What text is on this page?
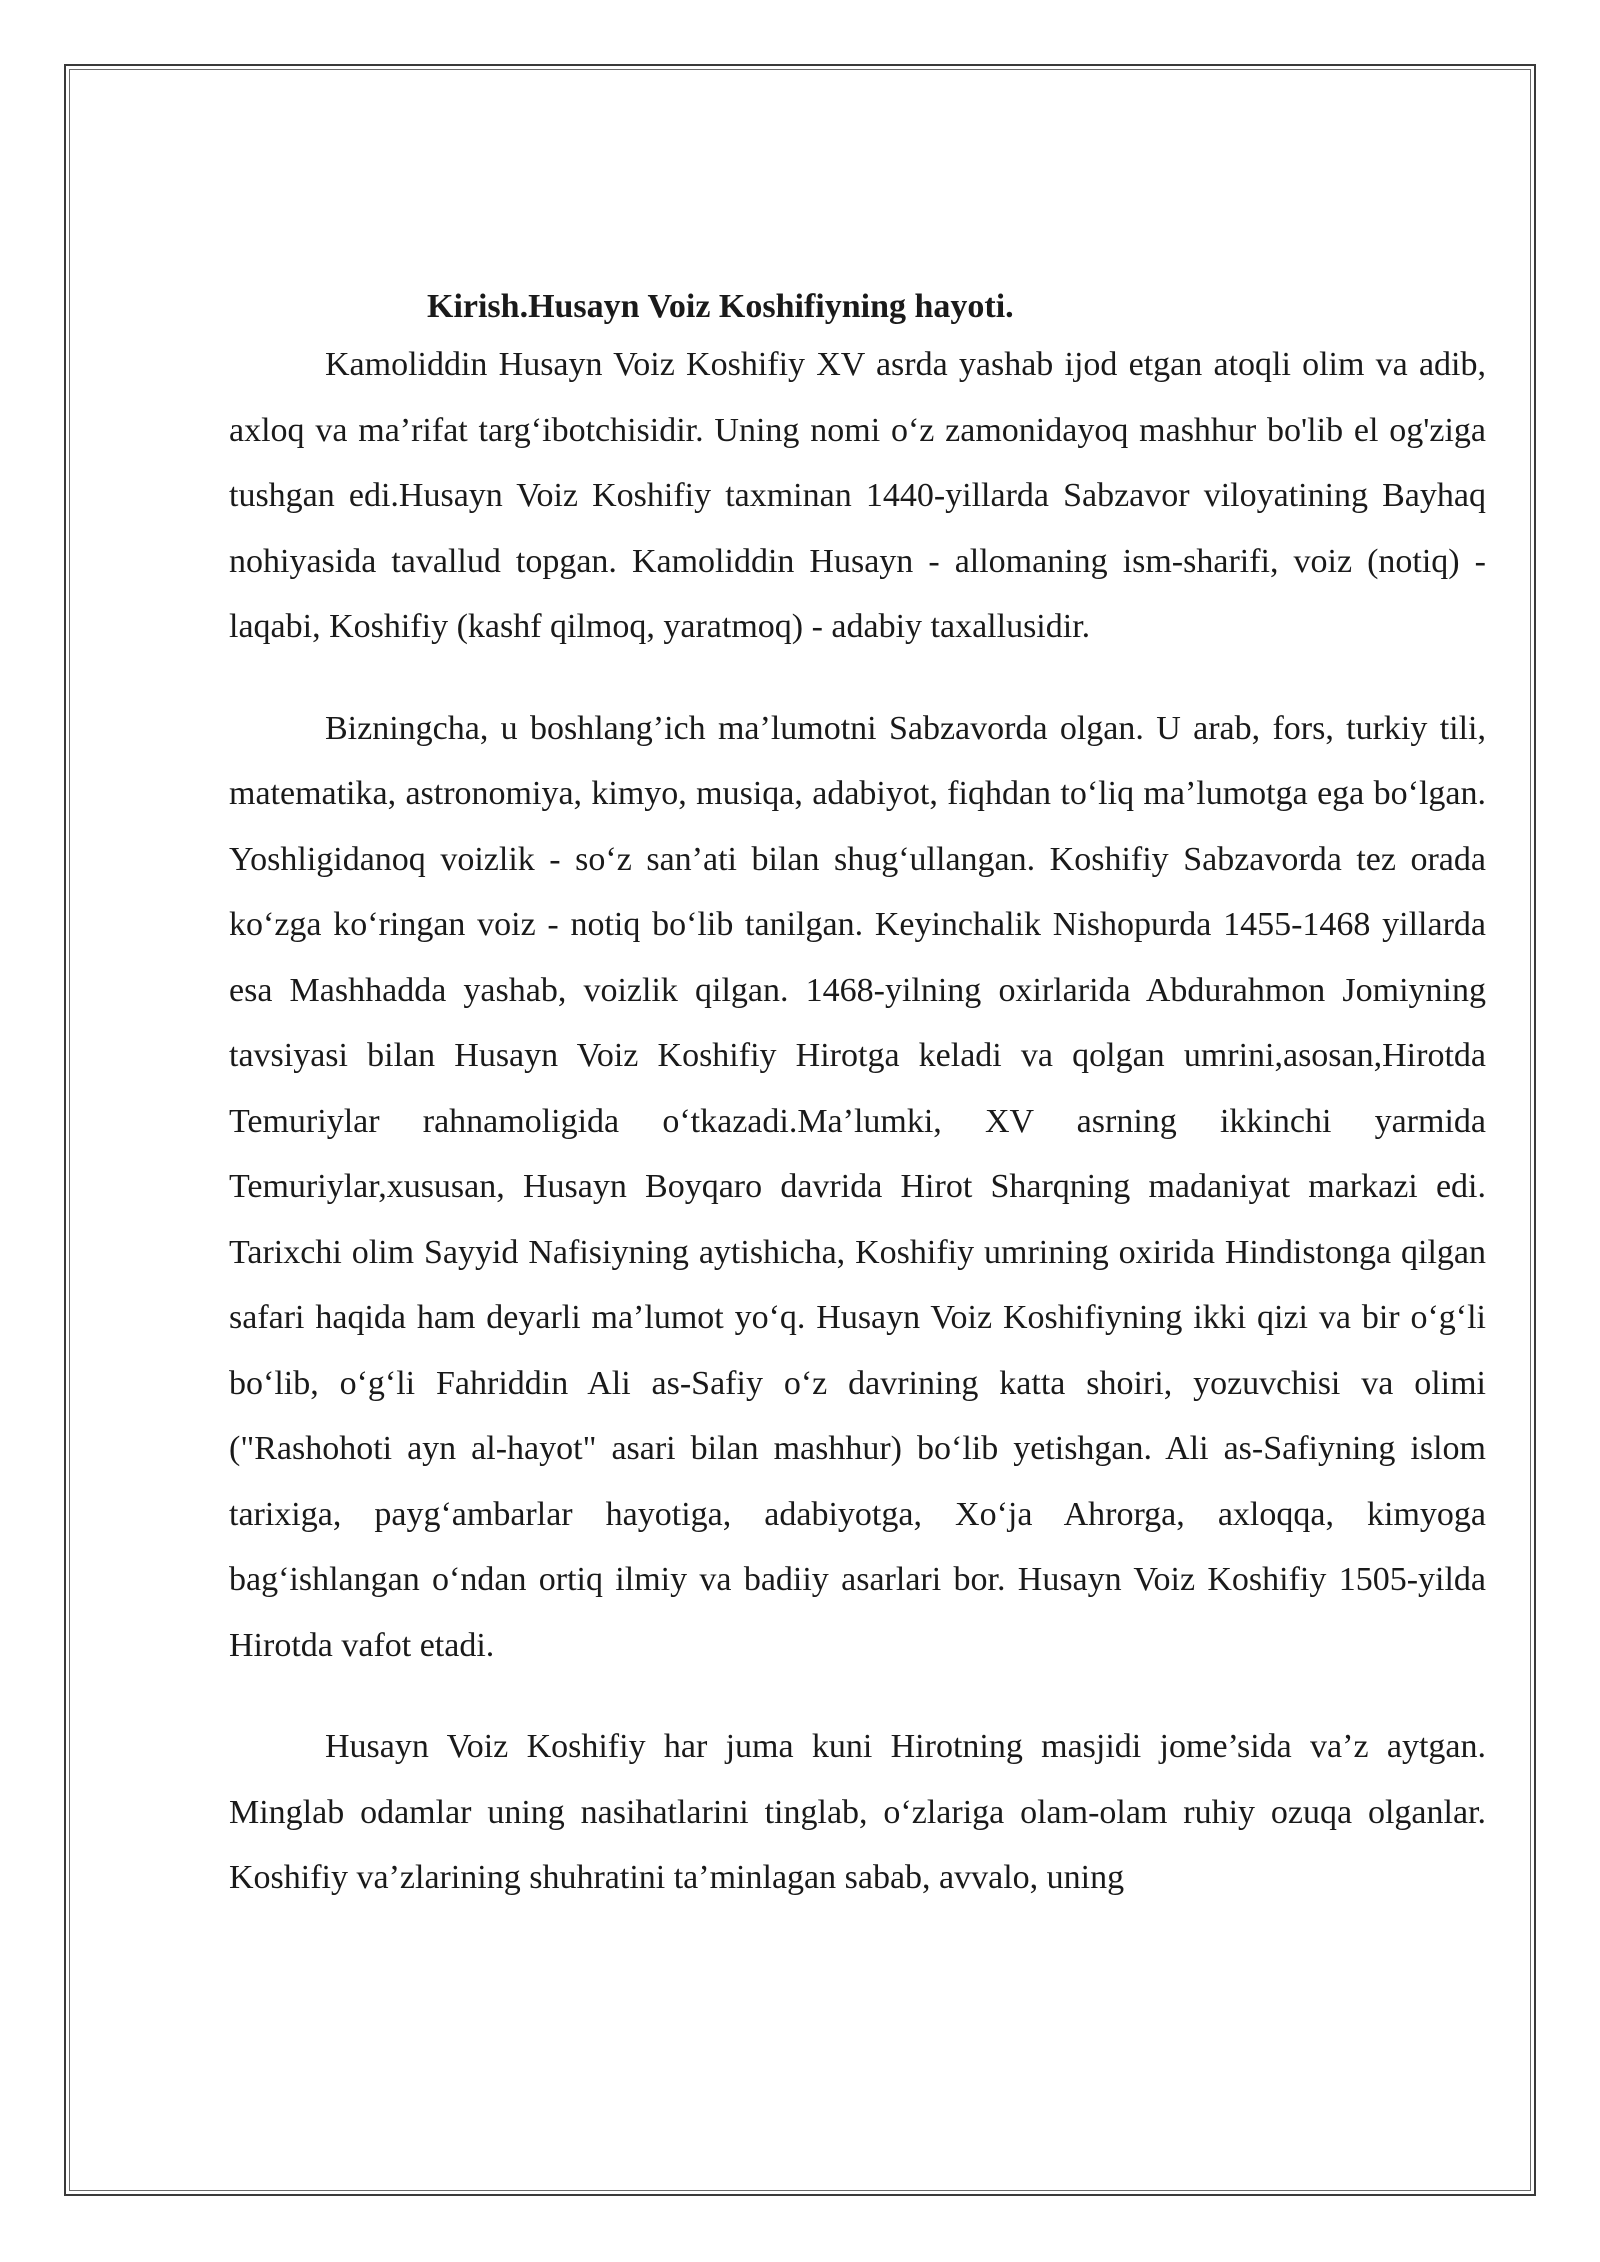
Kirish.Husayn Voiz Koshifiyning hayoti.

Kamoliddin Husayn Voiz Koshifiy XV asrda yashab ijod etgan atoqli olim va adib, axloq va ma’rifat targ‘ibotchisidir. Uning nomi o‘z zamonidayoq mashhur bo'lib el og'ziga tushgan edi.Husayn Voiz Koshifiy taxminan 1440-yillarda Sabzavor viloyatining Bayhaq nohiyasida tavallud topgan. Kamoliddin Husayn - allomaning ism-sharifi, voiz (notiq) - laqabi, Koshifiy (kashf qilmoq, yaratmoq) - adabiy taxallusidir.

Bizningcha, u boshlang’ich ma’lumotni Sabzavorda olgan. U arab, fors, turkiy tili, matematika, astronomiya, kimyo, musiqa, adabiyot, fiqhdan to‘liq ma’lumotga ega bo‘lgan. Yoshligidanoq voizlik - so‘z san’ati bilan shug‘ullangan. Koshifiy Sabzavorda tez orada ko‘zga ko‘ringan voiz - notiq bo‘lib tanilgan. Keyinchalik Nishopurda 1455-1468 yillarda esa Mashhadda yashab, voizlik qilgan. 1468-yilning oxirlarida Abdurahmon Jomiyning tavsiyasi bilan Husayn Voiz Koshifiy Hirotga keladi va qolgan umrini,asosan,Hirotda Temuriylar rahnamoligida o‘tkazadi.Ma’lumki, XV asrning ikkinchi yarmida Temuriylar,xususan, Husayn Boyqaro davrida Hirot Sharqning madaniyat markazi edi. Tarixchi olim Sayyid Nafisiyning aytishicha, Koshifiy umrining oxirida Hindistonga qilgan safari haqida ham deyarli ma’lumot yo‘q. Husayn Voiz Koshifiyning ikki qizi va bir o‘g‘li bo‘lib, o‘g‘li Fahriddin Ali as-Safiy o‘z davrining katta shoiri, yozuvchisi va olimi ("Rashohoti ayn al-hayot" asari bilan mashhur) bo‘lib yetishgan. Ali as-Safiyning islom tarixiga, payg‘ambarlar hayotiga, adabiyotga, Xo‘ja Ahrorga, axloqqa, kimyoga bag‘ishlangan o‘ndan ortiq ilmiy va badiiy asarlari bor. Husayn Voiz Koshifiy 1505-yilda Hirotda vafot etadi.

Husayn Voiz Koshifiy har juma kuni Hirotning masjidi jome’sida va’z aytgan. Minglab odamlar uning nasihatlarini tinglab, o‘zlariga olam-olam ruhiy ozuqa olganlar. Koshifiy va’zlarining shuhratini ta’minlagan sabab, avvalo, uning
